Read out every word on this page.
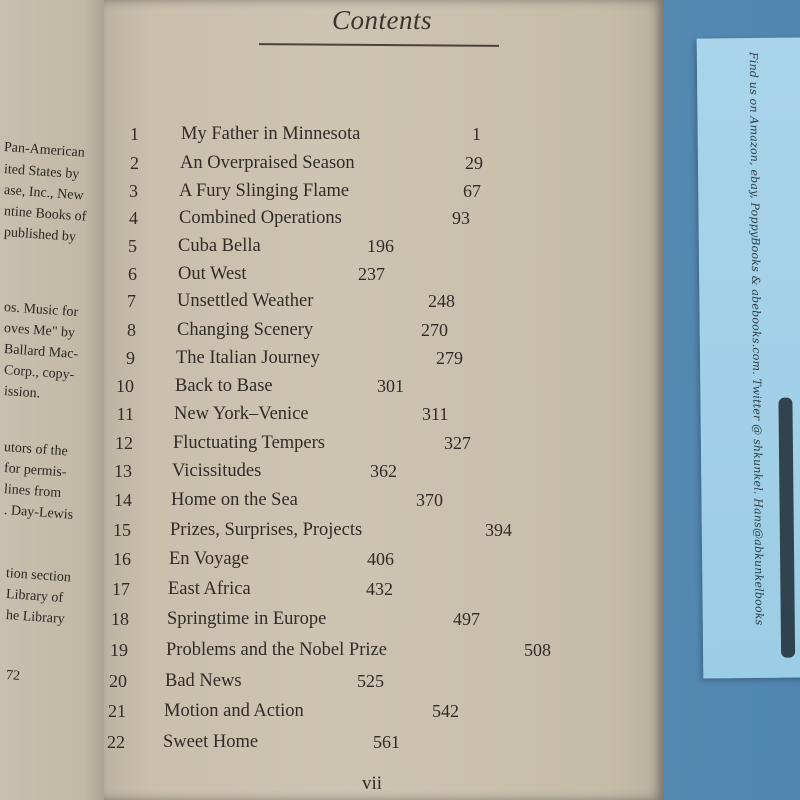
Find us on Amazon, ebay, PoppyBooks & abebooks.com. Twitter @ shkunkel. Hans@abkunkelbooks
Pan-American
ited States by
ase, Inc., New
ntine Books of
published by
os. Music for
oves Me" by
Ballard Mac-
Corp., copy-
ission.
utors of the
for permis-
lines from
. Day-Lewis
tion section
Library of
he Library
72
Contents
1 My Father in Minnesota	1
2 An Overpraised Season	29
3 A Fury Slinging Flame	67
4 Combined Operations	93
5 Cuba Bella	196
6 Out West	237
7 Unsettled Weather	248
8 Changing Scenery	270
9 The Italian Journey	279
10 Back to Base	301
11 New York–Venice	311
12 Fluctuating Tempers	327
13 Vicissitudes	362
14 Home on the Sea	370
15 Prizes, Surprises, Projects	394
16 En Voyage	406
17 East Africa	432
18 Springtime in Europe	497
19 Problems and the Nobel Prize	508
20 Bad News	525
21 Motion and Action	542
22 Sweet Home	561
vii
